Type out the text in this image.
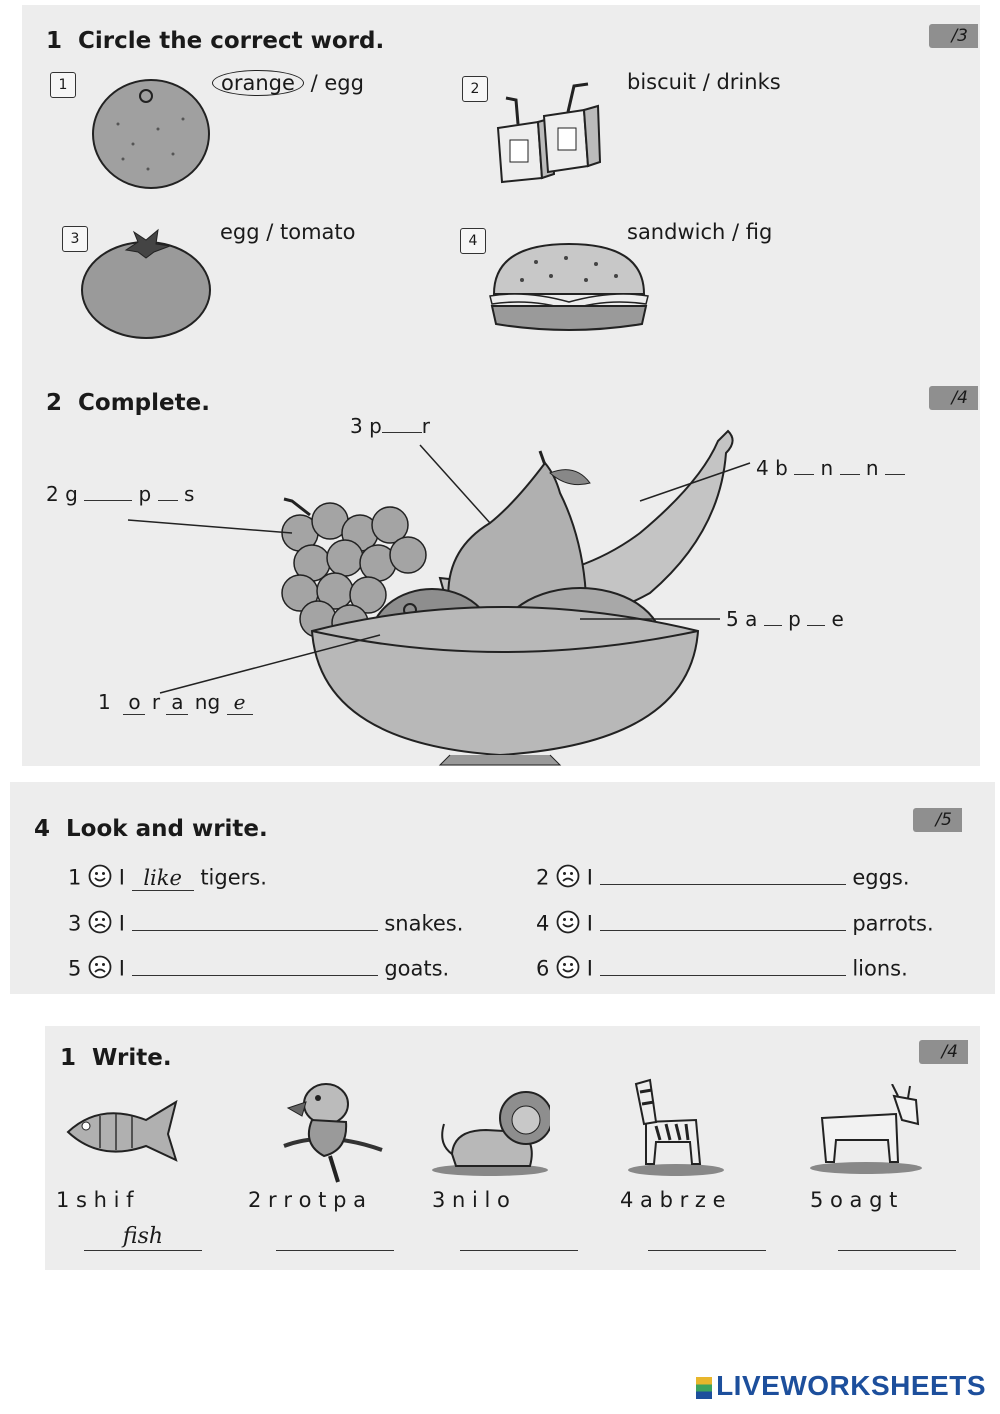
1 Circle the correct word.	/3
1	orange / egg	2	biscuit / drinks
3	egg / tomato	4	sandwich / fig
2 Complete.	/4
3 p r
2 g	p s
4 b n n
5 a p e
1 o r a ng e
4 Look and write.	/5
1 I like tigers.	2 I	eggs.
3 I	snakes.	4 I	parrots.
5 I	goats.	6 I	lions.
1 Write.	/4
1 s h i f
fish
2 r r o t p a	3 n i l o	4 a b r z e	5 o a g t
LIVEWORKSHEETS
